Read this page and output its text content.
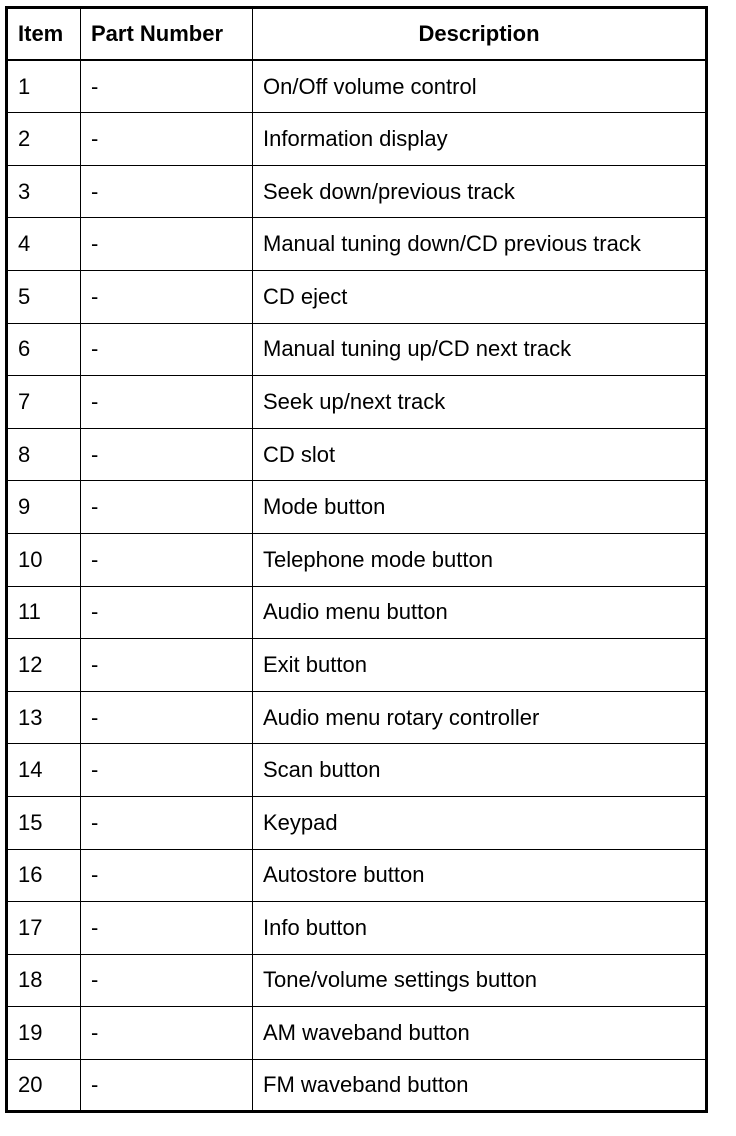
Item	Part Number	Description
1	-	On/Off volume control
2	-	Information display
3	-	Seek down/previous track
4	-	Manual tuning down/CD previous track
5	-	CD eject
6	-	Manual tuning up/CD next track
7	-	Seek up/next track
8	-	CD slot
9	-	Mode button
10	-	Telephone mode button
11	-	Audio menu button
12	-	Exit button
13	-	Audio menu rotary controller
14	-	Scan button
15	-	Keypad
16	-	Autostore button
17	-	Info button
18	-	Tone/volume settings button
19	-	AM waveband button
20	-	FM waveband button
